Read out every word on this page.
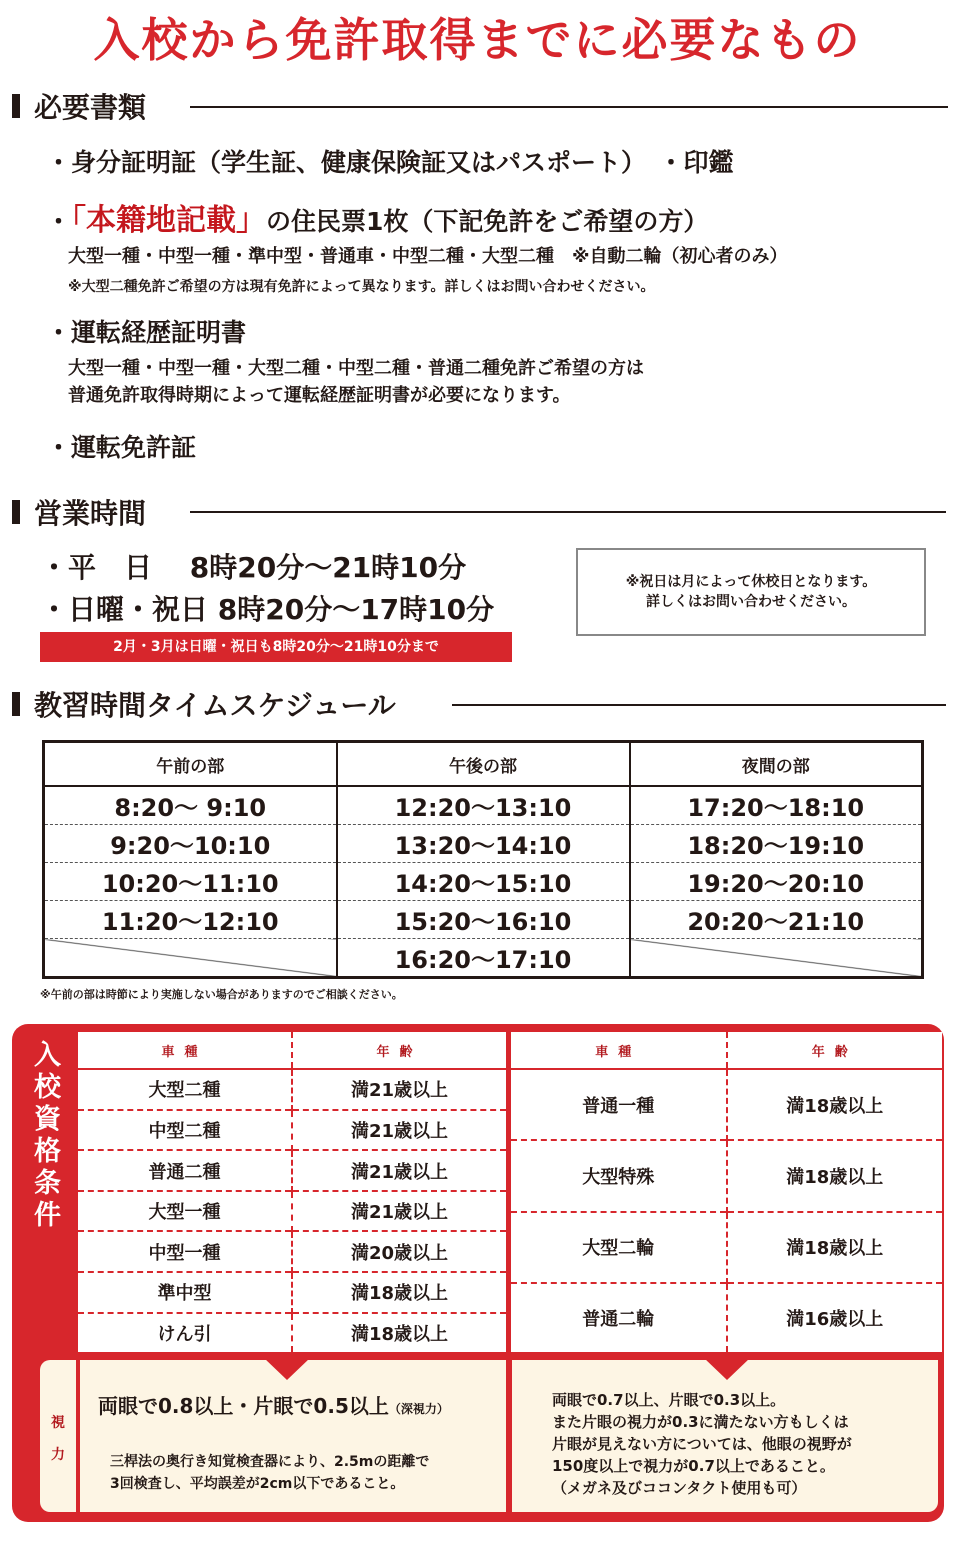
入校から免許取得までに必要なもの
必要書類
・身分証明証（学生証、健康保険証又はパスポート）　・印鑑
・「本籍地記載」の住民票1枚（下記免許をご希望の方）
大型一種・中型一種・準中型・普通車・中型二種・大型二種　※自動二輪（初心者のみ）
※大型二種免許ご希望の方は現有免許によって異なります。詳しくはお問い合わせください。
・運転経歴証明書
大型一種・中型一種・大型二種・中型二種・普通二種免許ご希望の方は
普通免許取得時期によって運転経歴証明書が必要になります。
・運転免許証
営業時間
・平　日　 8時20分～21時10分
・日曜・祝日 8時20分～17時10分
2月・3月は日曜・祝日も8時20分～21時10分まで
※祝日は月によって休校日となります。
詳しくはお問い合わせください。
教習時間タイムスケジュール
午前の部	午後の部	夜間の部
8:20～ 9:10	12:20～13:10	17:20～18:10
9:20～10:10	13:20～14:10	18:20～19:10
10:20～11:10	14:20～15:10	19:20～20:10
11:20～12:10	15:20～16:10	20:20～21:10
	16:20～17:10	
※午前の部は時節により実施しない場合がありますのでご相談ください。
入校資格条件
車種	年齢
大型二種	満21歳以上
中型二種	満21歳以上
普通二種	満21歳以上
大型一種	満21歳以上
中型一種	満20歳以上
準中型	満18歳以上
けん引	満18歳以上
車種	年齢
普通一種	満18歳以上
大型特殊	満18歳以上
大型二輪	満18歳以上
普通二輪	満16歳以上
視
力
両眼で0.8以上・片眼で0.5以上（深視力）
三桿法の奥行き知覚検査器により、2.5mの距離で
3回検査し、平均誤差が2cm以下であること。
両眼で0.7以上、片眼で0.3以上。
また片眼の視力が0.3に満たない方もしくは
片眼が見えない方については、他眼の視野が
150度以上で視力が0.7以上であること。
（メガネ及びココンタクト使用も可）
